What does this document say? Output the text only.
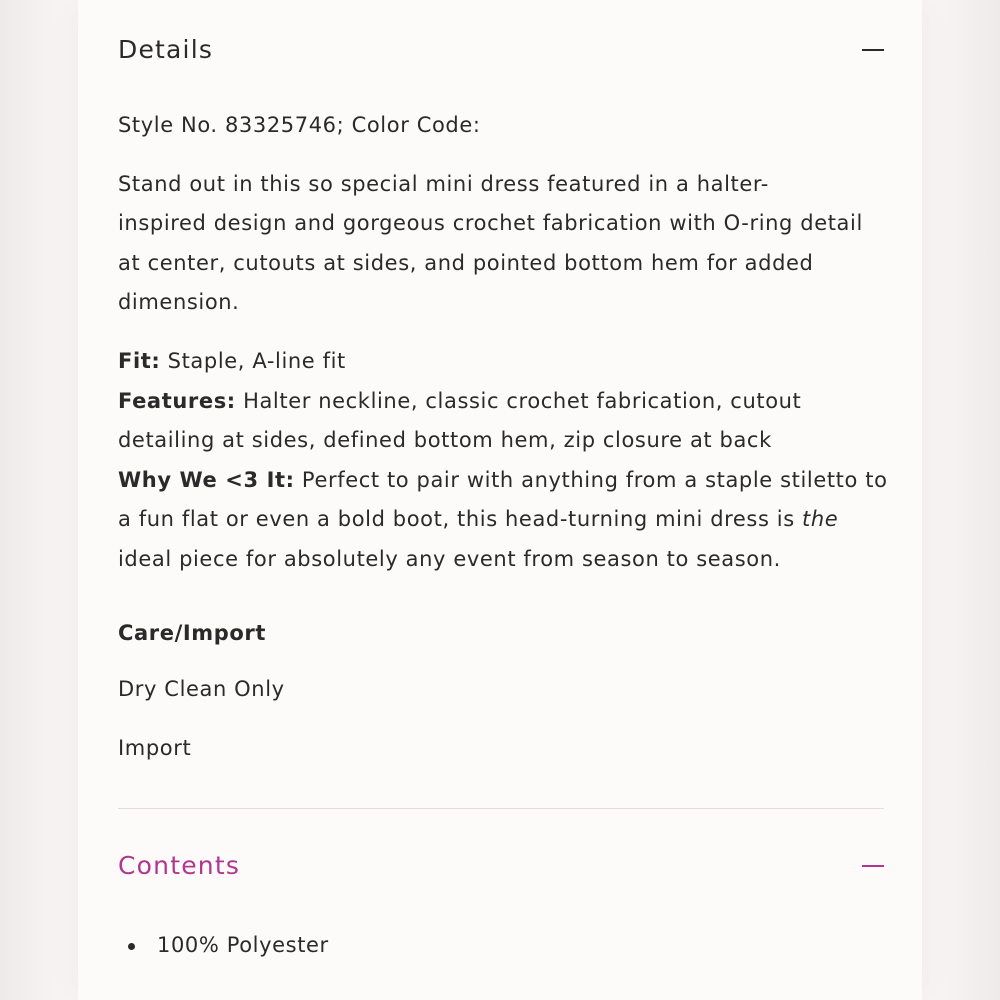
Details
Style No. 83325746; Color Code:
Stand out in this so special mini dress featured in a halter-
inspired design and gorgeous crochet fabrication with O-ring detail
at center, cutouts at sides, and pointed bottom hem for added
dimension.
Fit: Staple, A-line fit
Features: Halter neckline, classic crochet fabrication, cutout
detailing at sides, defined bottom hem, zip closure at back
Why We <3 It: Perfect to pair with anything from a staple stiletto to
a fun flat or even a bold boot, this head-turning mini dress is the
ideal piece for absolutely any event from season to season.
Care/Import
Dry Clean Only
Import
Contents
100% Polyester
